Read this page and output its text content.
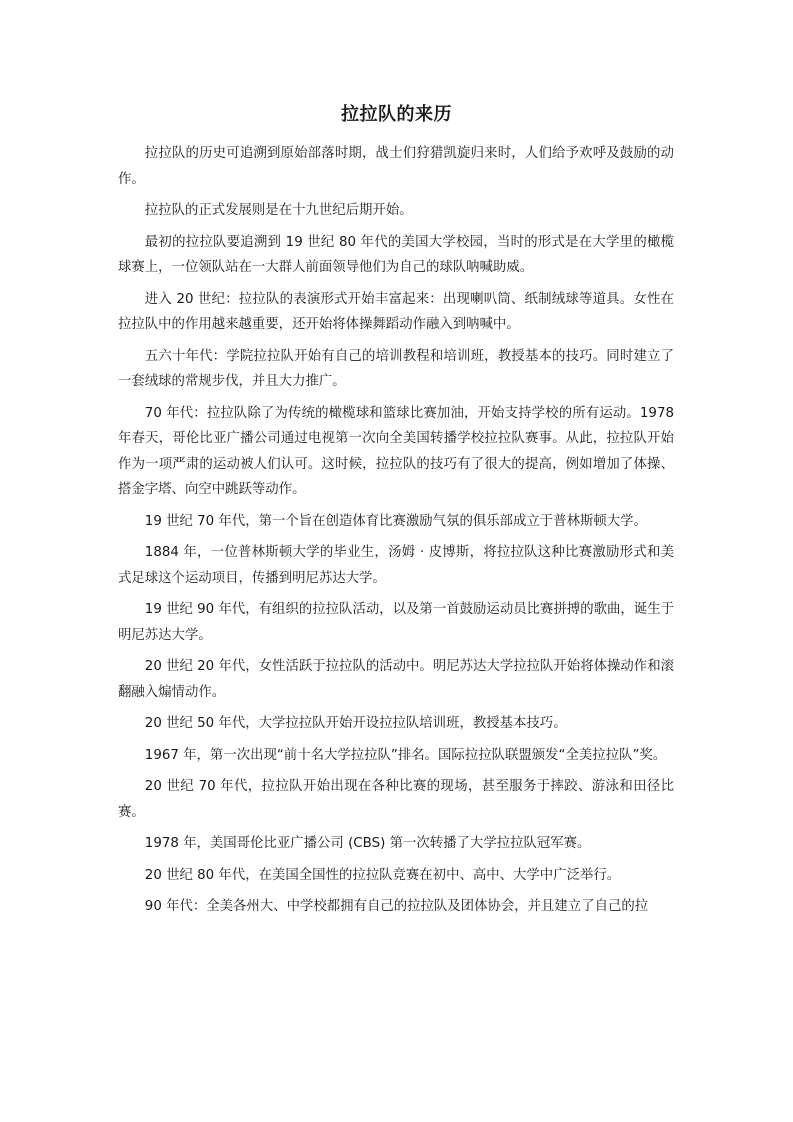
拉拉队的来历

拉拉队的历史可追溯到原始部落时期，战士们狩猎凯旋归来时，人们给予欢呼及鼓励的动作。

拉拉队的正式发展则是在十九世纪后期开始。

最初的拉拉队要追溯到 19 世纪 80 年代的美国大学校园，当时的形式是在大学里的橄榄球赛上，一位领队站在一大群人前面领导他们为自己的球队呐喊助威。

进入 20 世纪：拉拉队的表演形式开始丰富起来：出现喇叭筒、纸制绒球等道具。女性在拉拉队中的作用越来越重要，还开始将体操舞蹈动作融入到呐喊中。

五六十年代：学院拉拉队开始有自己的培训教程和培训班，教授基本的技巧。同时建立了一套绒球的常规步伐，并且大力推广。

70 年代：拉拉队除了为传统的橄榄球和篮球比赛加油，开始支持学校的所有运动。1978 年春天，哥伦比亚广播公司通过电视第一次向全美国转播学校拉拉队赛事。从此，拉拉队开始作为一项严肃的运动被人们认可。这时候，拉拉队的技巧有了很大的提高，例如增加了体操、搭金字塔、向空中跳跃等动作。

19 世纪 70 年代，第一个旨在创造体育比赛激励气氛的俱乐部成立于普林斯顿大学。

1884 年，一位普林斯顿大学的毕业生，汤姆 · 皮博斯，将拉拉队这种比赛激励形式和美式足球这个运动项目，传播到明尼苏达大学。

19 世纪 90 年代，有组织的拉拉队活动，以及第一首鼓励运动员比赛拼搏的歌曲，诞生于明尼苏达大学。

20 世纪 20 年代，女性活跃于拉拉队的活动中。明尼苏达大学拉拉队开始将体操动作和滚翻融入煽情动作。

20 世纪 50 年代，大学拉拉队开始开设拉拉队培训班，教授基本技巧。

1967 年，第一次出现“前十名大学拉拉队”排名。国际拉拉队联盟颁发“全美拉拉队”奖。

20 世纪 70 年代，拉拉队开始出现在各种比赛的现场，甚至服务于摔跤、游泳和田径比赛。

1978 年，美国哥伦比亚广播公司 (CBS) 第一次转播了大学拉拉队冠军赛。

20 世纪 80 年代，在美国全国性的拉拉队竞赛在初中、高中、大学中广泛举行。

90 年代：全美各州大、中学校都拥有自己的拉拉队及团体协会，并且建立了自己的拉
